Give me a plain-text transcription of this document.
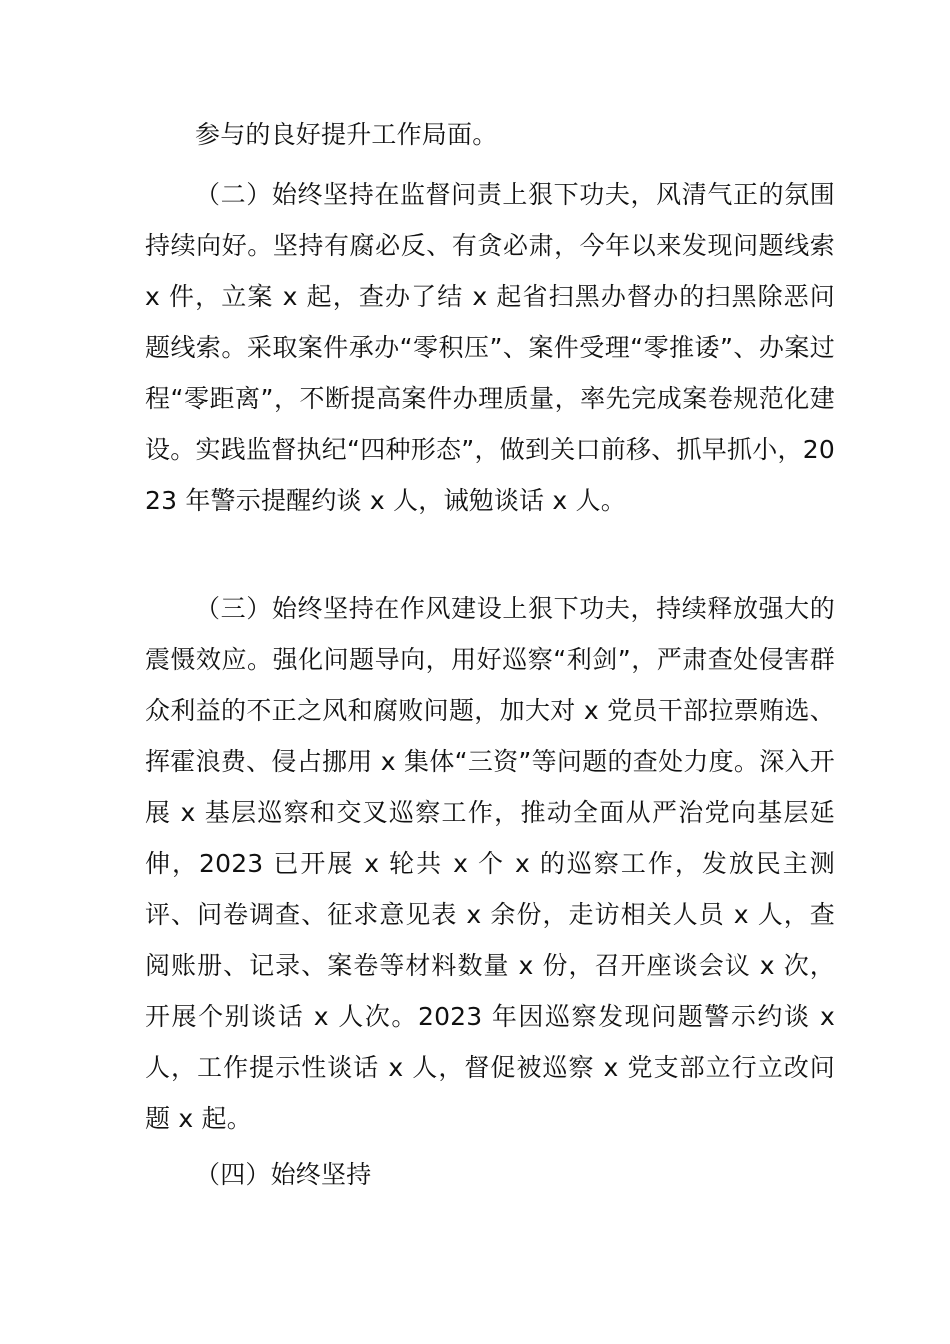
参与的良好提升工作局面。

（二）始终坚持在监督问责上狠下功夫，风清气正的氛围持续向好。坚持有腐必反、有贪必肃，今年以来发现问题线索 x 件，立案 x 起，查办了结 x 起省扫黑办督办的扫黑除恶问题线索。采取案件承办“零积压”、案件受理“零推诿”、办案过程“零距离”，不断提高案件办理质量，率先完成案卷规范化建设。实践监督执纪“四种形态”，做到关口前移、抓早抓小，2023 年警示提醒约谈 x 人，诫勉谈话 x 人。

（三）始终坚持在作风建设上狠下功夫，持续释放强大的震慑效应。强化问题导向，用好巡察“利剑”，严肃查处侵害群众利益的不正之风和腐败问题，加大对 x 党员干部拉票贿选、挥霍浪费、侵占挪用 x 集体“三资”等问题的查处力度。深入开展 x 基层巡察和交叉巡察工作，推动全面从严治党向基层延伸，2023 已开展 x 轮共 x 个 x 的巡察工作，发放民主测评、问卷调查、征求意见表 x 余份，走访相关人员 x 人，查阅账册、记录、案卷等材料数量 x 份，召开座谈会议 x 次，开展个别谈话 x 人次。2023 年因巡察发现问题警示约谈 x 人，工作提示性谈话 x 人，督促被巡察 x 党支部立行立改问题 x 起。

（四）始终坚持
